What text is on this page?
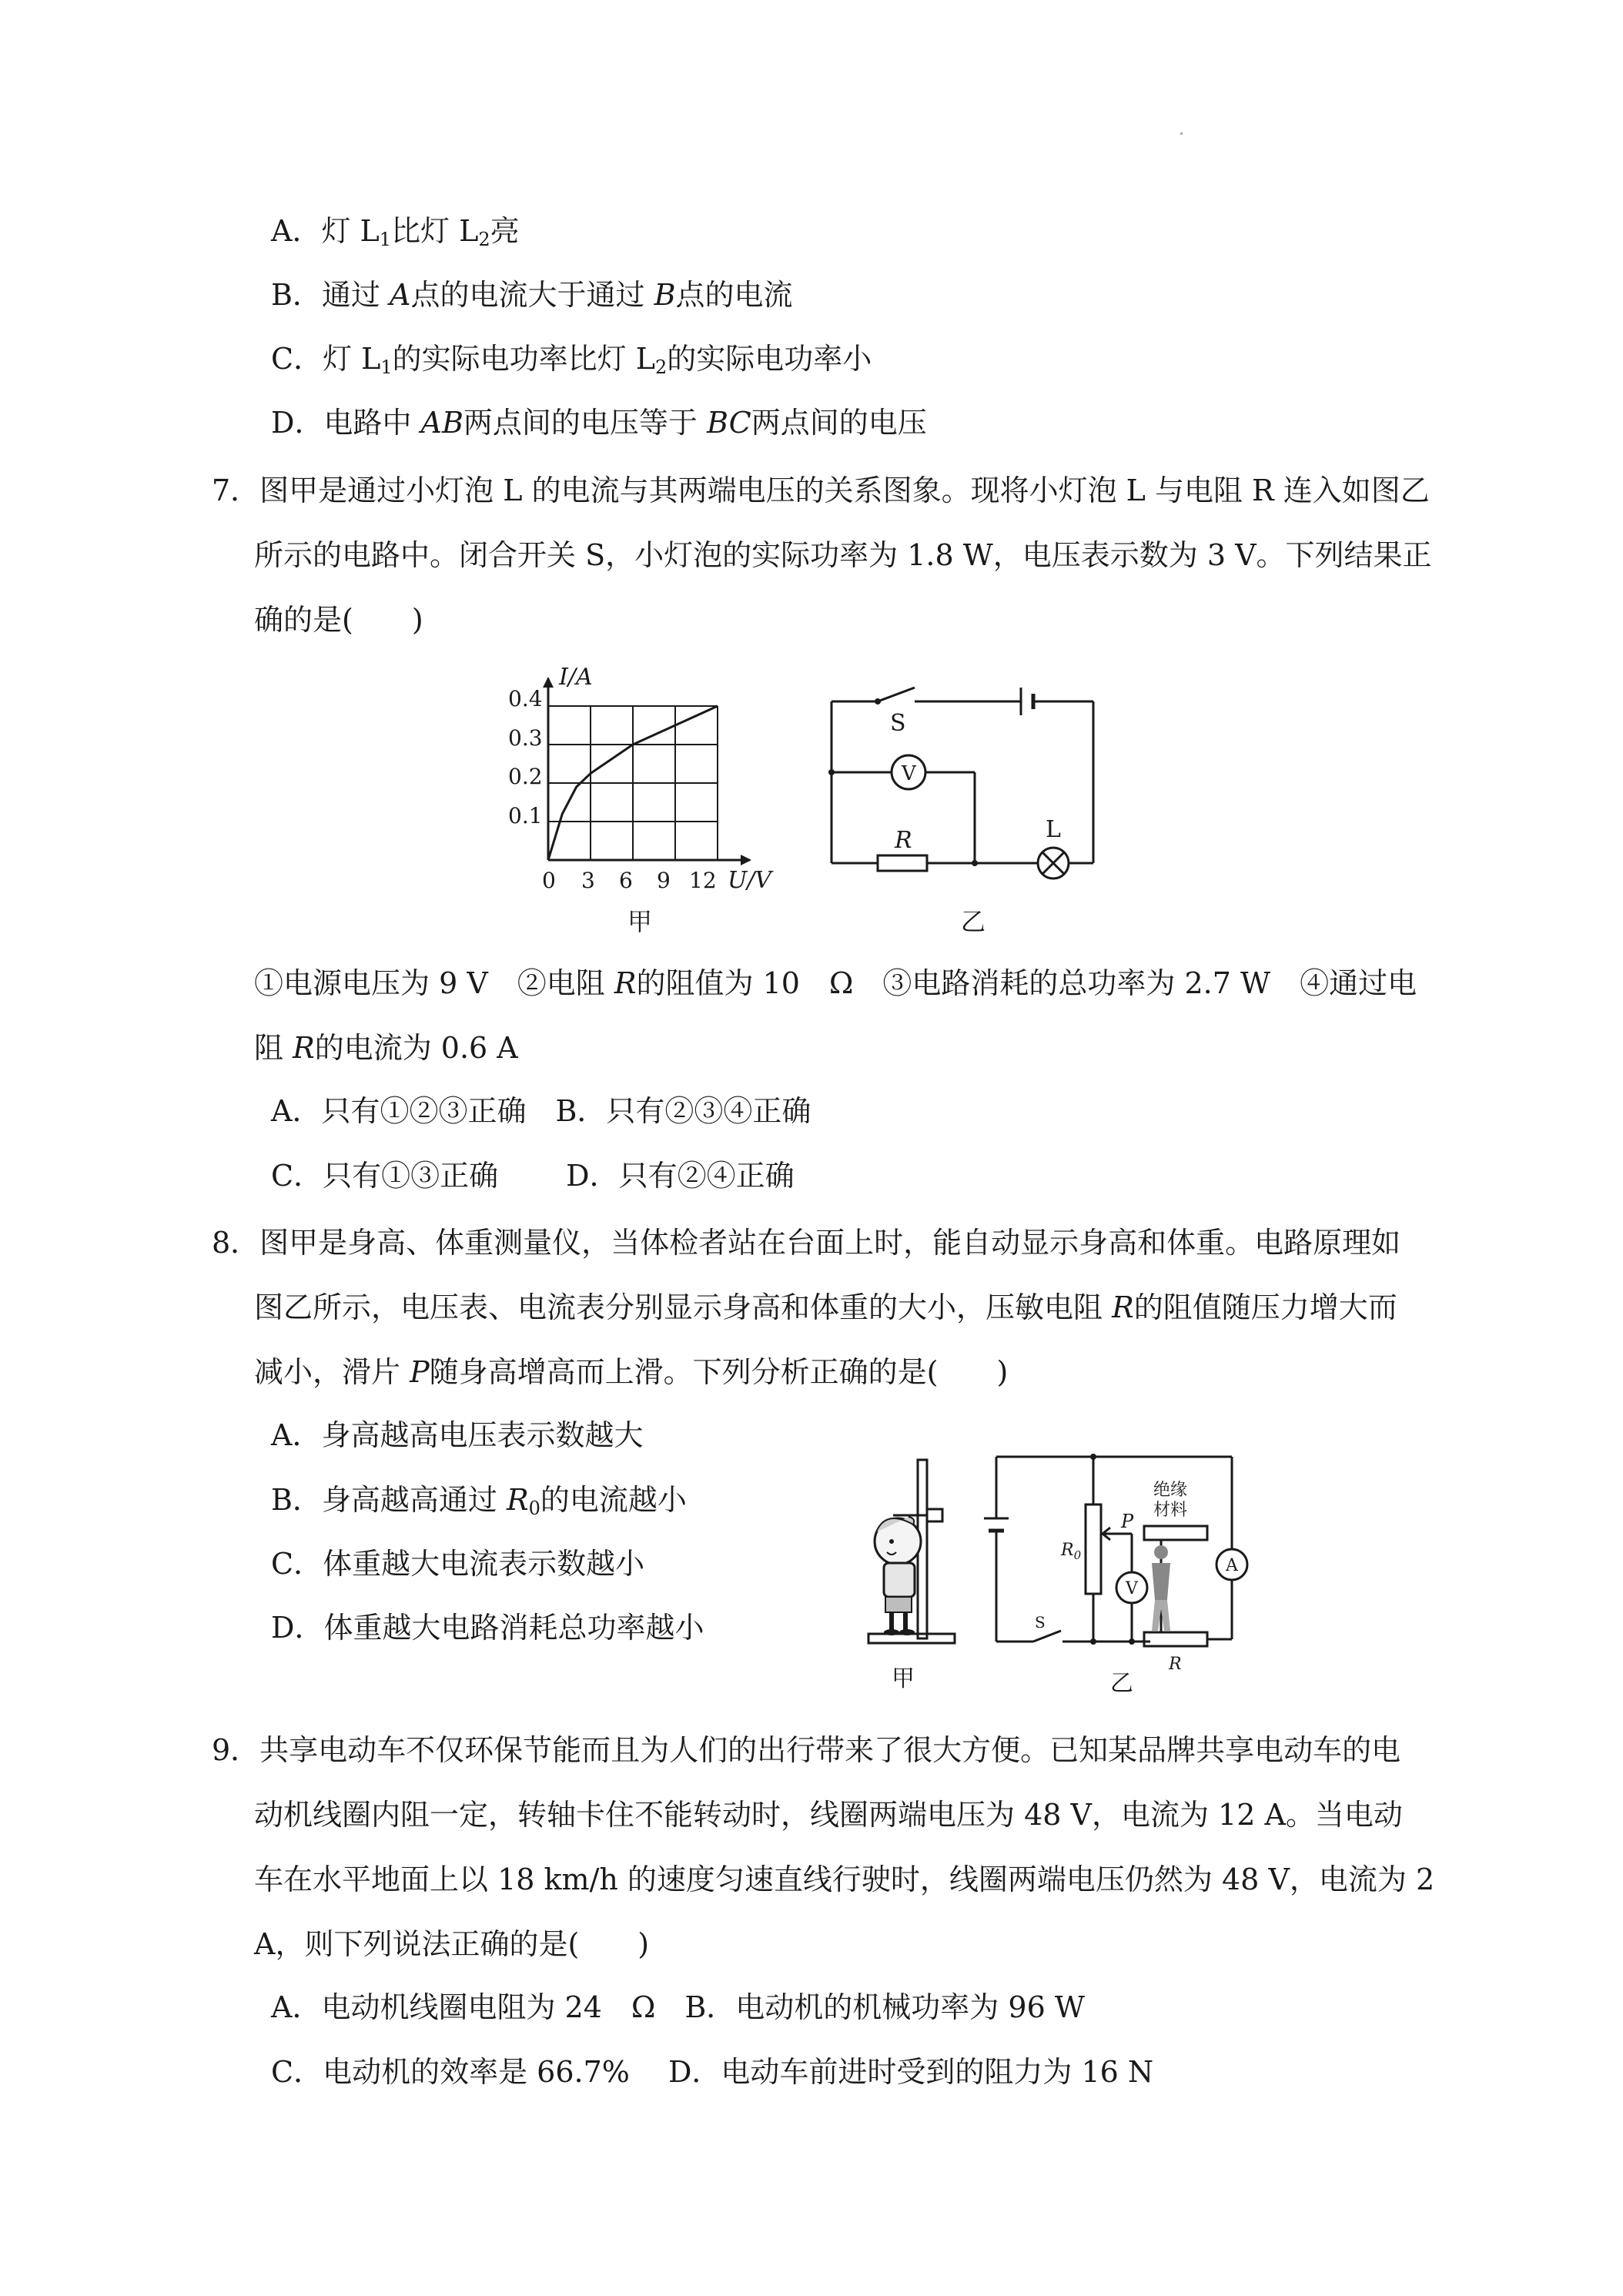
A．灯 $L_1$比灯 $L_2$亮
B．通过 A点的电流大于通过 B点的电流
C．灯 $L_1$的实际电功率比灯 $L_2$的实际电功率小
D．电路中 AB两点间的电压等于 BC两点间的电压
7．图甲是通过小灯泡 L 的电流与其两端电压的关系图象。现将小灯泡 L 与电阻 R 连入如图乙
所示的电路中。闭合开关 S，小灯泡的实际功率为 1.8 W，电压表示数为 3 V。下列结果正
确的是(　　)
I/A
U/V
0.4
0.3
0.2
0.1
0 3 6 9 12
甲
S
V
R	L
乙
①电源电压为 9 V　②电阻 R的阻值为 10　Ω　③电路消耗的总功率为 2.7 W　④通过电
阻 R的电流为 0.6 A
A．只有①②③正确　B．只有②③④正确
C．只有①③正确　　 D．只有②④正确
8．图甲是身高、体重测量仪，当体检者站在台面上时，能自动显示身高和体重。电路原理如
图乙所示，电压表、电流表分别显示身高和体重的大小，压敏电阻 R的阻值随压力增大而
减小，滑片 P随身高增高而上滑。下列分析正确的是(　　)
A．身高越高电压表示数越大
B．身高越高通过 $R_0$的电流越小
C．体重越大电流表示数越小
D．体重越大电路消耗总功率越小
甲
绝缘
材料
P
$R_0$
S
V
A
R
乙
9．共享电动车不仅环保节能而且为人们的出行带来了很大方便。已知某品牌共享电动车的电
动机线圈内阻一定，转轴卡住不能转动时，线圈两端电压为 48 V，电流为 12 A。当电动
车在水平地面上以 18 km/h 的速度匀速直线行驶时，线圈两端电压仍然为 48 V，电流为 2
A，则下列说法正确的是(　　)
A．电动机线圈电阻为 24　Ω　B．电动机的机械功率为 96 W
C．电动机的效率是 66.7%　 D．电动车前进时受到的阻力为 16 N
